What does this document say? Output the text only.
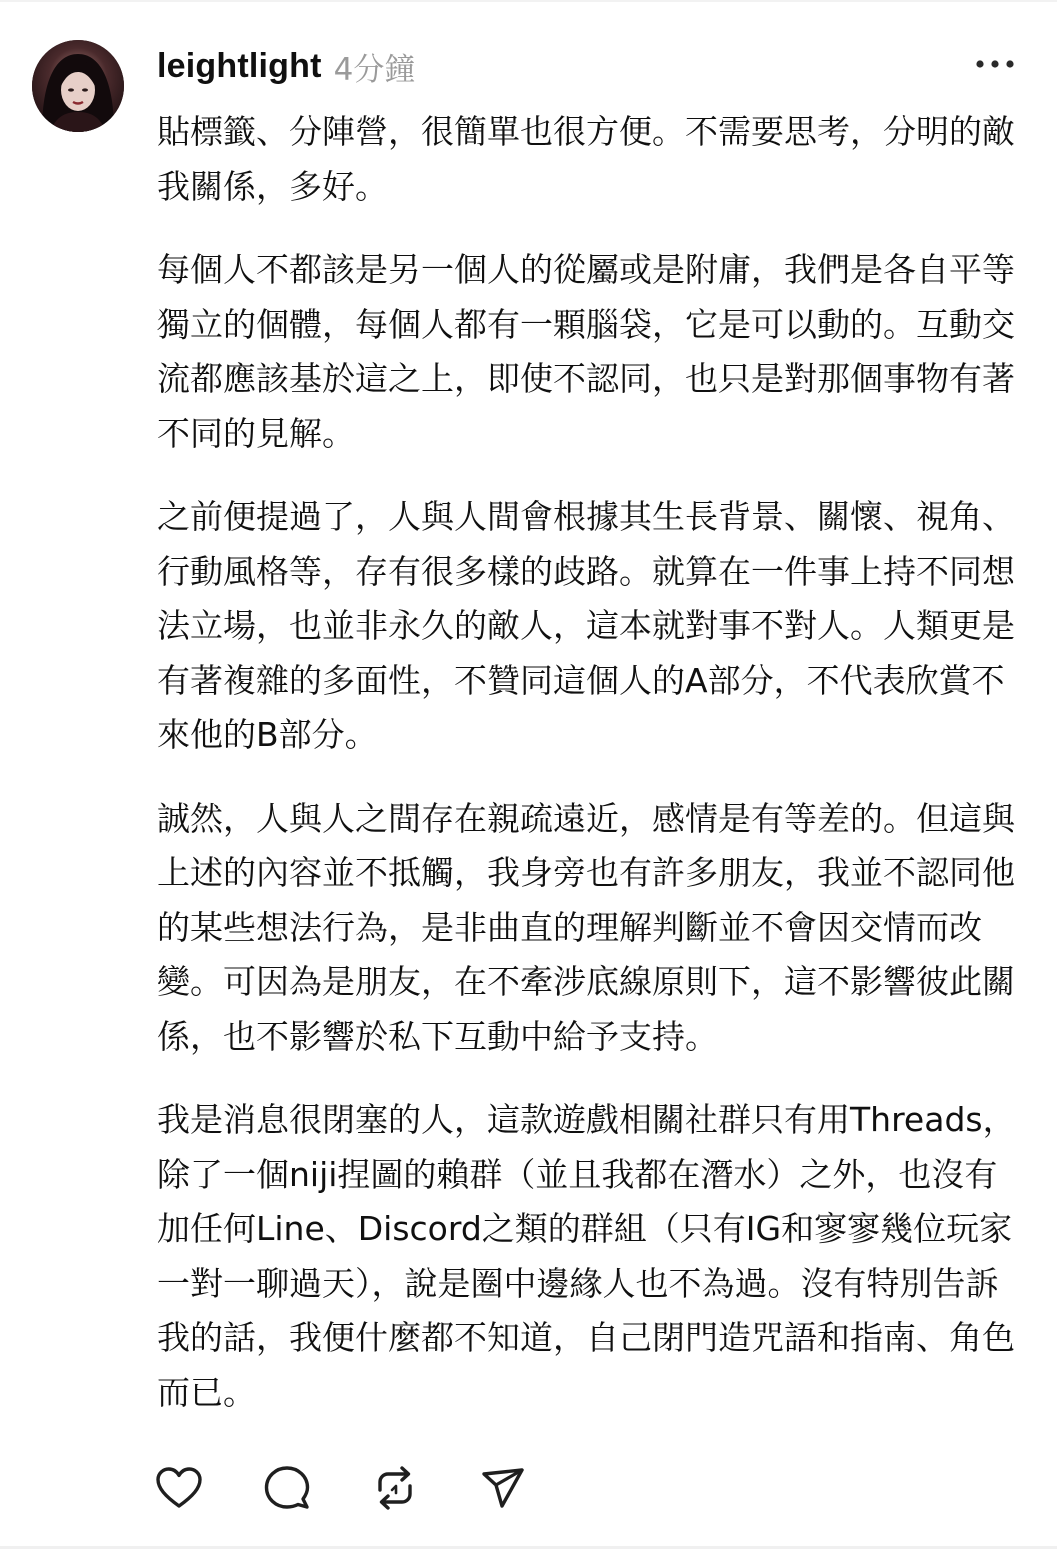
leightlight 4分鐘

貼標籤、分陣營，很簡單也很方便。不需要思考，分明的敵我關係，多好。

每個人不都該是另一個人的從屬或是附庸，我們是各自平等獨立的個體，每個人都有一顆腦袋，它是可以動的。互動交流都應該基於這之上，即使不認同，也只是對那個事物有著不同的見解。

之前便提過了，人與人間會根據其生長背景、關懷、視角、行動風格等，存有很多樣的歧路。就算在一件事上持不同想法立場，也並非永久的敵人，這本就對事不對人。人類更是有著複雜的多面性，不贊同這個人的A部分，不代表欣賞不來他的B部分。

誠然，人與人之間存在親疏遠近，感情是有等差的。但這與上述的內容並不抵觸，我身旁也有許多朋友，我並不認同他的某些想法行為，是非曲直的理解判斷並不會因交情而改變。可因為是朋友，在不牽涉底線原則下，這不影響彼此關係，也不影響於私下互動中給予支持。

我是消息很閉塞的人，這款遊戲相關社群只有用Threads，除了一個niji捏圖的賴群（並且我都在潛水）之外，也沒有加任何Line、Discord之類的群組（只有IG和寥寥幾位玩家一對一聊過天），說是圈中邊緣人也不為過。沒有特別告訴我的話，我便什麼都不知道，自己閉門造咒語和指南、角色而已。
